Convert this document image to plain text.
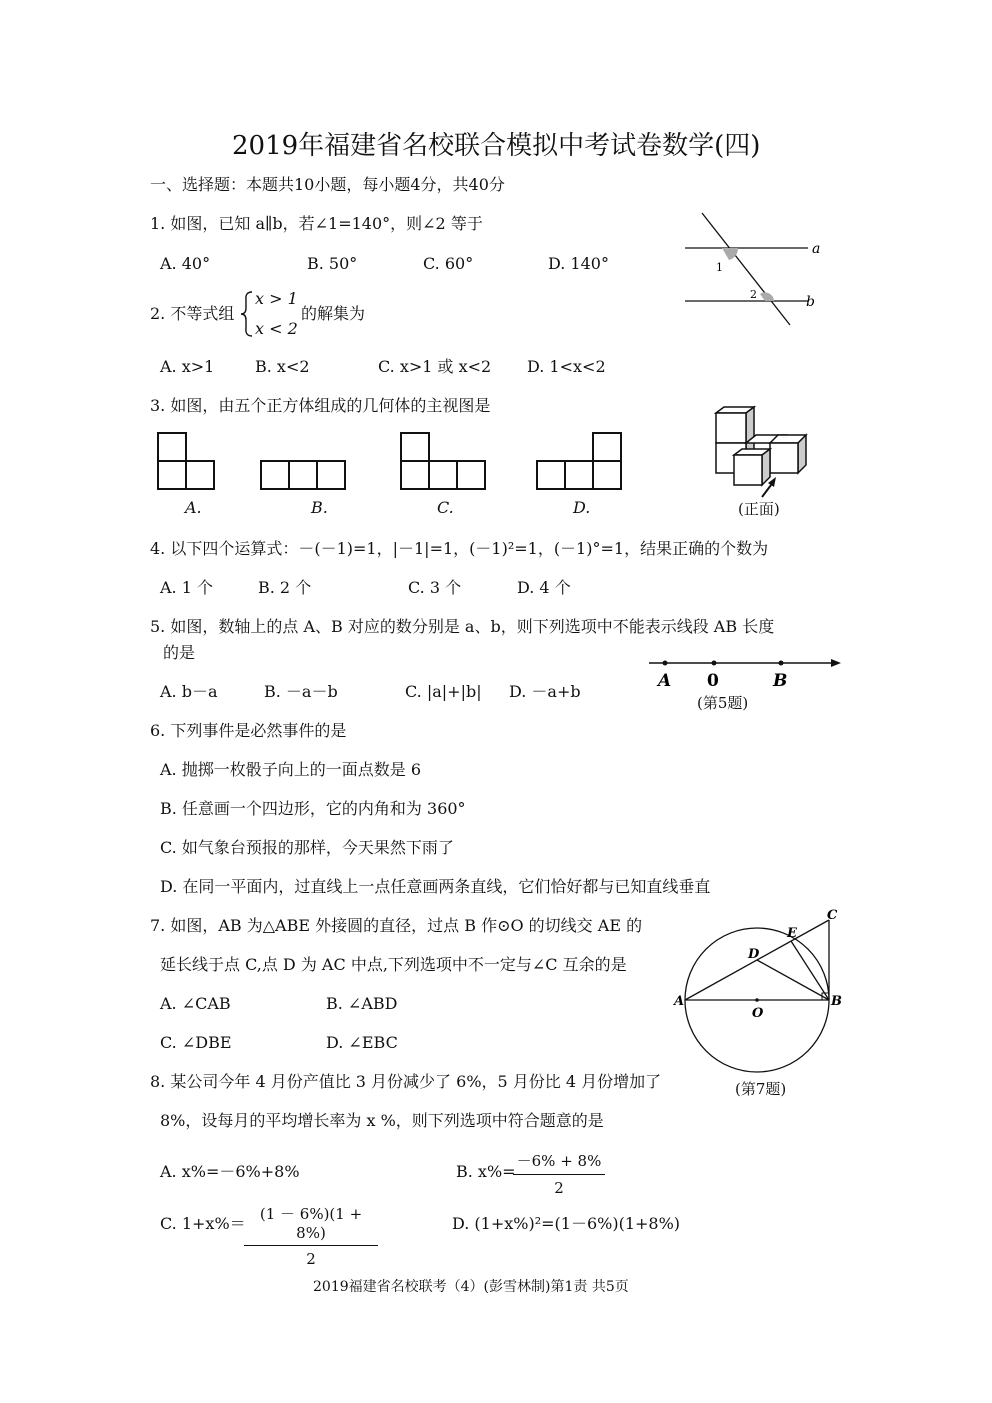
2019年福建省名校联合模拟中考试卷数学(四)
一、选择题：本题共10小题，每小题4分，共40分
1. 如图，已知 a∥b，若∠1=140°，则∠2 等于
A. 40°	B. 50°	C. 60°	D. 140°
a
b
1
2
2. 不等式组
x > 1
x < 2
的解集为
A. x>1	B. x<2	C. x>1 或 x<2 D. 1<x<2
3. 如图，由五个正方体组成的几何体的主视图是
A.	B.	C.	D.	(正面)
4. 以下四个运算式：－(－1)=1，|－1|=1，(－1)²=1，(－1)°=1，结果正确的个数为
A. 1 个	B. 2 个	C. 3 个	D. 4 个
5. 如图，数轴上的点 A、B 对应的数分别是 a、b，则下列选项中不能表示线段 AB 长度
的是
A. b－a	B. －a－b	C. |a|+|b| D. －a+b
A 0	B
(第5题)
6. 下列事件是必然事件的是
A. 抛掷一枚骰子向上的一面点数是 6
B. 任意画一个四边形，它的内角和为 360°
C. 如气象台预报的那样，今天果然下雨了
D. 在同一平面内，过直线上一点任意画两条直线，它们恰好都与已知直线垂直
7. 如图，AB 为△ABE 外接圆的直径，过点 B 作⊙O 的切线交 AE 的
延长线于点 C,点 D 为 AC 中点,下列选项中不一定与∠C 互余的是
A. ∠CAB	B. ∠ABD
C. ∠DBE	D. ∠EBC
A	B
C
D
E
O
(第7题)
8. 某公司今年 4 月份产值比 3 月份减少了 6%，5 月份比 4 月份增加了
8%，设每月的平均增长率为 x %，则下列选项中符合题意的是
A. x%=－6%+8%	B. x%=
$\frac{-6\% + 8\%}{2}$
C. 1+x%＝
$\frac{(1 - 6\%)(1 + 8\%)}{2}$	D. (1+x%)²=(1－6%)(1+8%)
2019福建省名校联考（4）(彭雪林制)第1责 共5页
